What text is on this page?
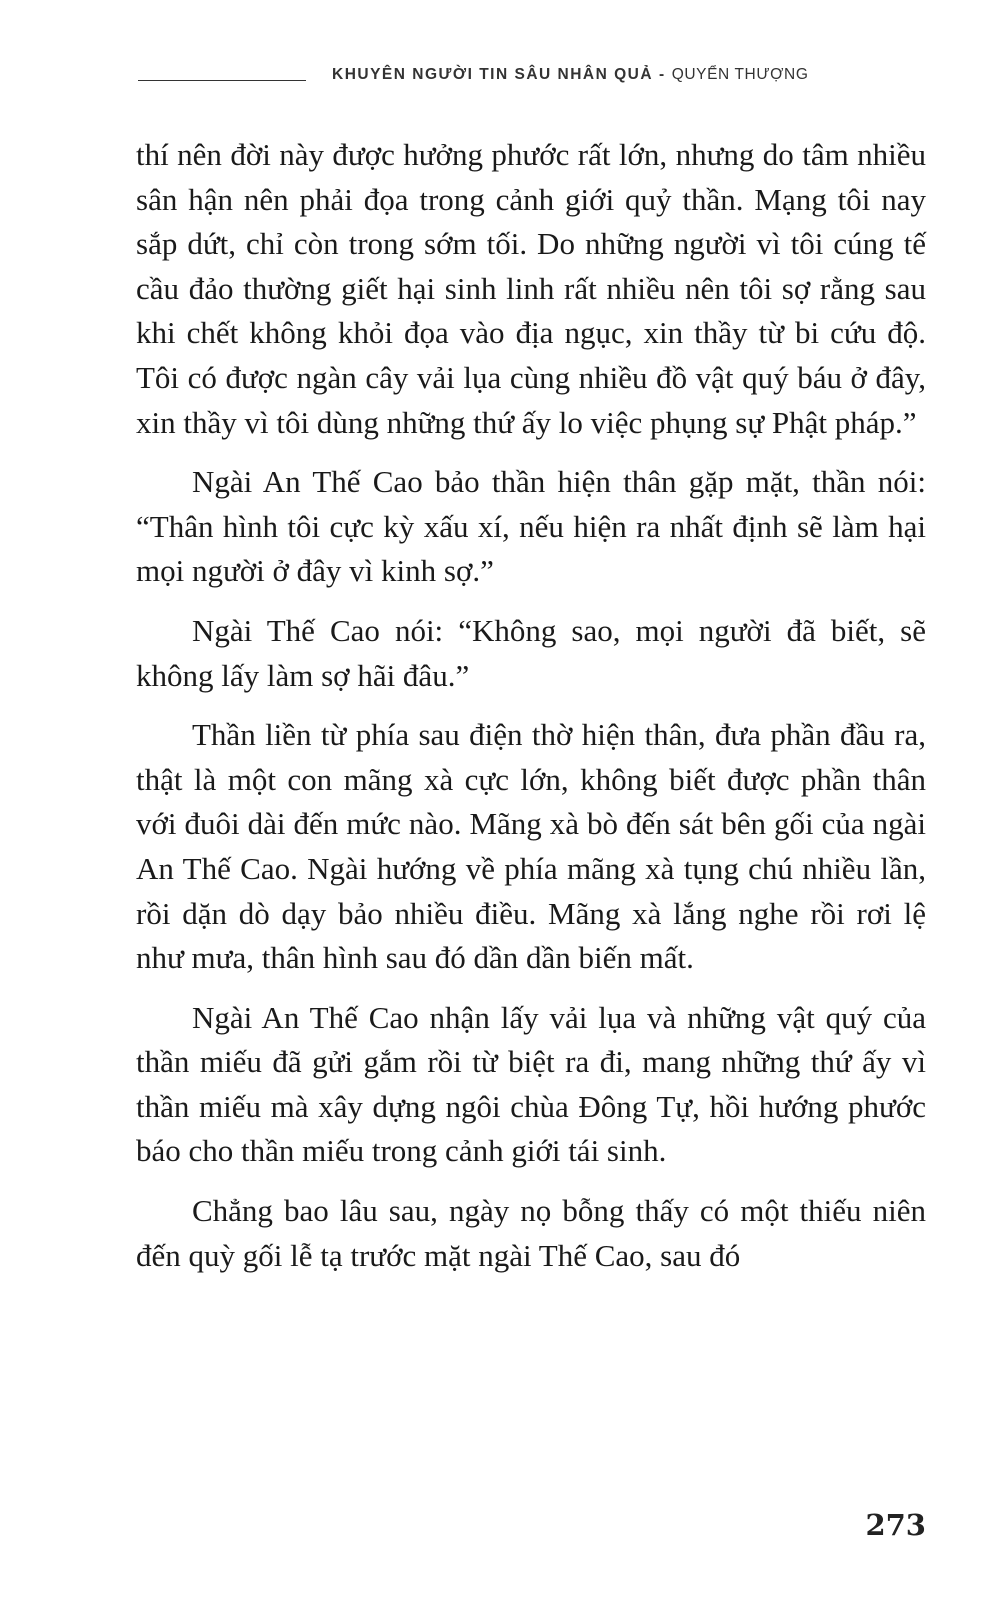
KHUYÊN NGƯỜI TIN SÂU NHÂN QUẢ - QUYỂN THƯỢNG

thí nên đời này được hưởng phước rất lớn, nhưng do tâm nhiều sân hận nên phải đọa trong cảnh giới quỷ thần. Mạng tôi nay sắp dứt, chỉ còn trong sớm tối. Do những người vì tôi cúng tế cầu đảo thường giết hại sinh linh rất nhiều nên tôi sợ rằng sau khi chết không khỏi đọa vào địa ngục, xin thầy từ bi cứu độ. Tôi có được ngàn cây vải lụa cùng nhiều đồ vật quý báu ở đây, xin thầy vì tôi dùng những thứ ấy lo việc phụng sự Phật pháp.”

Ngài An Thế Cao bảo thần hiện thân gặp mặt, thần nói: “Thân hình tôi cực kỳ xấu xí, nếu hiện ra nhất định sẽ làm hại mọi người ở đây vì kinh sợ.”

Ngài Thế Cao nói: “Không sao, mọi người đã biết, sẽ không lấy làm sợ hãi đâu.”

Thần liền từ phía sau điện thờ hiện thân, đưa phần đầu ra, thật là một con mãng xà cực lớn, không biết được phần thân với đuôi dài đến mức nào. Mãng xà bò đến sát bên gối của ngài An Thế Cao. Ngài hướng về phía mãng xà tụng chú nhiều lần, rồi dặn dò dạy bảo nhiều điều. Mãng xà lắng nghe rồi rơi lệ như mưa, thân hình sau đó dần dần biến mất.

Ngài An Thế Cao nhận lấy vải lụa và những vật quý của thần miếu đã gửi gắm rồi từ biệt ra đi, mang những thứ ấy vì thần miếu mà xây dựng ngôi chùa Đông Tự, hồi hướng phước báo cho thần miếu trong cảnh giới tái sinh.

Chẳng bao lâu sau, ngày nọ bỗng thấy có một thiếu niên đến quỳ gối lễ tạ trước mặt ngài Thế Cao, sau đó

273
